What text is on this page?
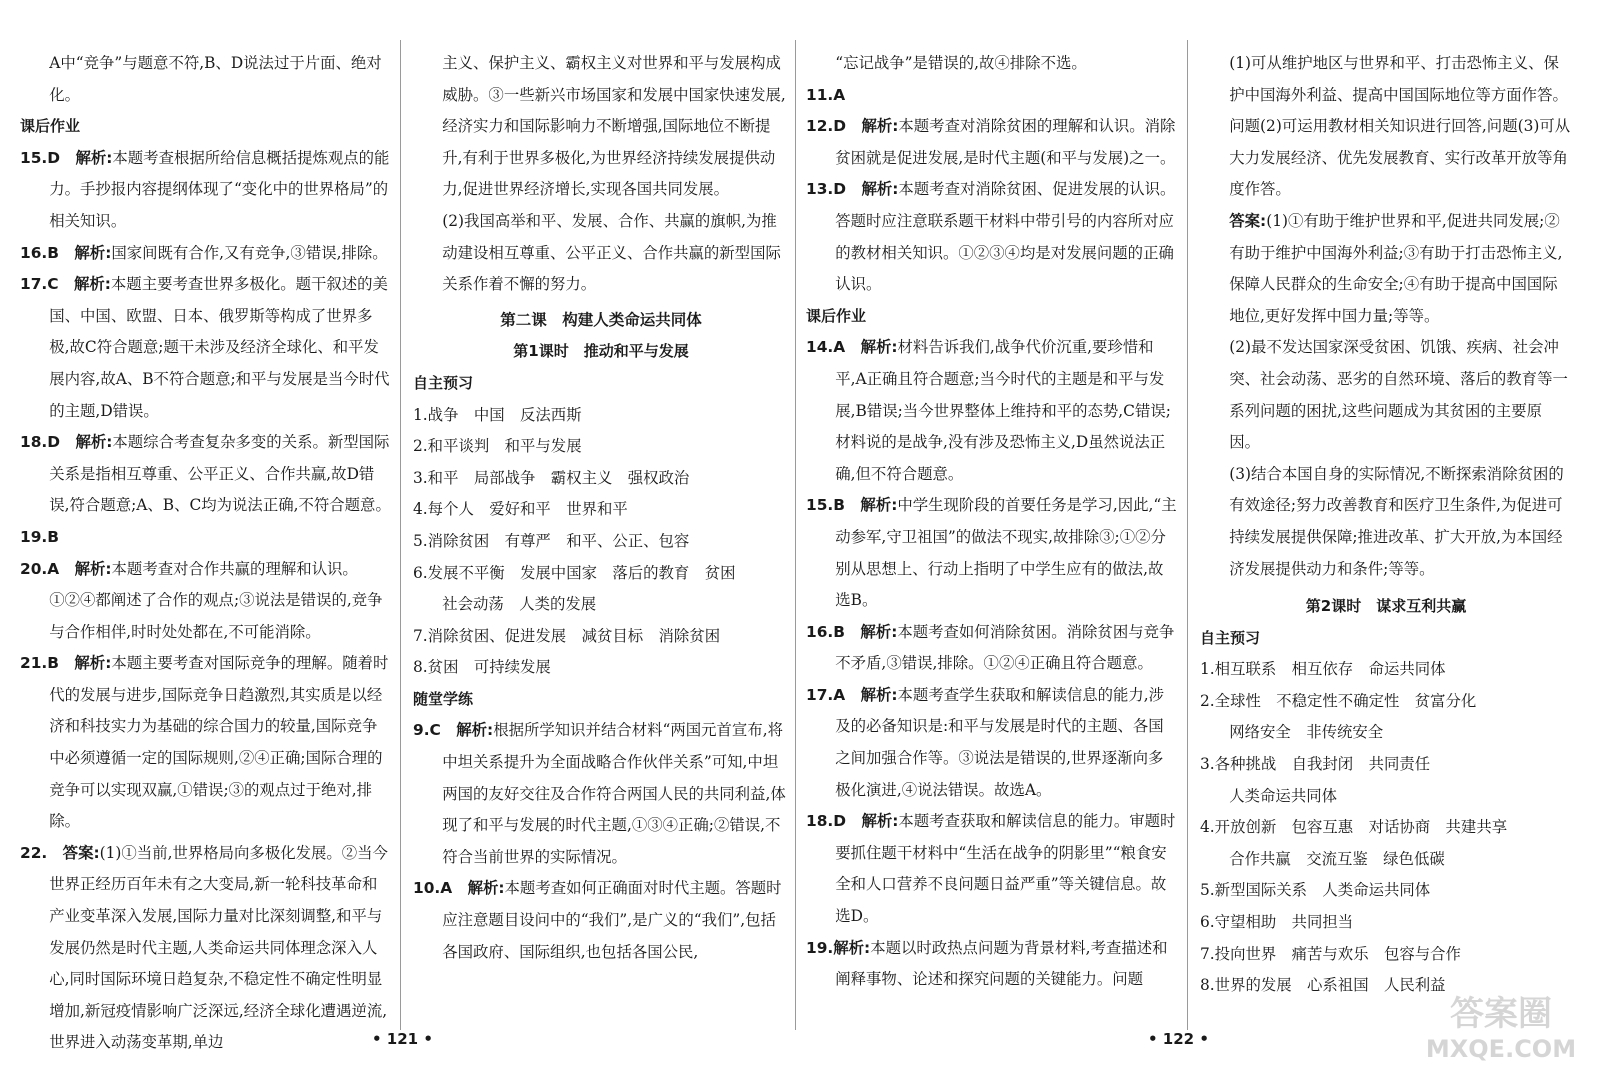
A中“竞争”与题意不符,B、D说法过于片面、绝对化。
课后作业
15.D　 解析:本题考查根据所给信息概括提炼观点的能力。手抄报内容提纲体现了“变化中的世界格局”的相关知识。
16.B　 解析:国家间既有合作,又有竞争,③错误,排除。
17.C　 解析:本题主要考查世界多极化。题干叙述的美国、中国、欧盟、日本、俄罗斯等构成了世界多极,故C符合题意;题干未涉及经济全球化、和平发展内容,故A、B不符合题意;和平与发展是当今时代的主题,D错误。
18.D　 解析:本题综合考查复杂多变的关系。新型国际关系是指相互尊重、公平正义、合作共赢,故D错误,符合题意;A、B、C均为说法正确,不符合题意。
19.B
20.A　 解析:本题考查对合作共赢的理解和认识。①②④都阐述了合作的观点;③说法是错误的,竞争与合作相伴,时时处处都在,不可能消除。
21.B　 解析:本题主要考查对国际竞争的理解。随着时代的发展与进步,国际竞争日趋激烈,其实质是以经济和科技实力为基础的综合国力的较量,国际竞争中必须遵循一定的国际规则,②④正确;国际合理的竞争可以实现双赢,①错误;③的观点过于绝对,排除。
22.　 答案:(1)①当前,世界格局向多极化发展。②当今世界正经历百年未有之大变局,新一轮科技革命和产业变革深入发展,国际力量对比深刻调整,和平与发展仍然是时代主题,人类命运共同体理念深入人心,同时国际环境日趋复杂,不稳定性不确定性明显增加,新冠疫情影响广泛深远,经济全球化遭遇逆流,世界进入动荡变革期,单边
主义、保护主义、霸权主义对世界和平与发展构成威胁。③一些新兴市场国家和发展中国家快速发展,经济实力和国际影响力不断增强,国际地位不断提升,有利于世界多极化,为世界经济持续发展提供动力,促进世界经济增长,实现各国共同发展。
(2)我国高举和平、发展、合作、共赢的旗帜,为推动建设相互尊重、公平正义、合作共赢的新型国际关系作着不懈的努力。
第二课　构建人类命运共同体
第1课时　推动和平与发展
自主预习
1.战争　中国　反法西斯
2.和平谈判　和平与发展
3.和平　局部战争　霸权主义　强权政治
4.每个人　爱好和平　世界和平
5.消除贫困　有尊严　和平、公正、包容
6.发展不平衡　发展中国家　落后的教育　贫困
社会动荡　人类的发展
7.消除贫困、促进发展　减贫目标　消除贫困
8.贫困　可持续发展
随堂学练
9.C　 解析:根据所学知识并结合材料“两国元首宣布,将中坦关系提升为全面战略合作伙伴关系”可知,中坦两国的友好交往及合作符合两国人民的共同利益,体现了和平与发展的时代主题,①③④正确;②错误,不符合当前世界的实际情况。
10.A　 解析:本题考查如何正确面对时代主题。答题时应注意题目设问中的“我们”,是广义的“我们”,包括各国政府、国际组织,也包括各国公民,
“忘记战争”是错误的,故④排除不选。
11.A
12.D　 解析:本题考查对消除贫困的理解和认识。消除贫困就是促进发展,是时代主题(和平与发展)之一。
13.D　 解析:本题考查对消除贫困、促进发展的认识。答题时应注意联系题干材料中带引号的内容所对应的教材相关知识。①②③④均是对发展问题的正确认识。
课后作业
14.A　 解析:材料告诉我们,战争代价沉重,要珍惜和平,A正确且符合题意;当今时代的主题是和平与发展,B错误;当今世界整体上维持和平的态势,C错误;材料说的是战争,没有涉及恐怖主义,D虽然说法正确,但不符合题意。
15.B　 解析:中学生现阶段的首要任务是学习,因此,“主动参军,守卫祖国”的做法不现实,故排除③;①②分别从思想上、行动上指明了中学生应有的做法,故选B。
16.B　 解析:本题考查如何消除贫困。消除贫困与竞争不矛盾,③错误,排除。①②④正确且符合题意。
17.A　 解析:本题考查学生获取和解读信息的能力,涉及的必备知识是:和平与发展是时代的主题、各国之间加强合作等。③说法是错误的,世界逐渐向多极化演进,④说法错误。故选A。
18.D　 解析:本题考查获取和解读信息的能力。审题时要抓住题干材料中“生活在战争的阴影里”“粮食安全和人口营养不良问题日益严重”等关键信息。故选D。
19.解析:本题以时政热点问题为背景材料,考查描述和阐释事物、论述和探究问题的关键能力。问题
(1)可从维护地区与世界和平、打击恐怖主义、保护中国海外利益、提高中国国际地位等方面作答。问题(2)可运用教材相关知识进行回答,问题(3)可从大力发展经济、优先发展教育、实行改革开放等角度作答。
答案:(1)①有助于维护世界和平,促进共同发展;②有助于维护中国海外利益;③有助于打击恐怖主义,保障人民群众的生命安全;④有助于提高中国国际地位,更好发挥中国力量;等等。
(2)最不发达国家深受贫困、饥饿、疾病、社会冲突、社会动荡、恶劣的自然环境、落后的教育等一系列问题的困扰,这些问题成为其贫困的主要原因。
(3)结合本国自身的实际情况,不断探索消除贫困的有效途径;努力改善教育和医疗卫生条件,为促进可持续发展提供保障;推进改革、扩大开放,为本国经济发展提供动力和条件;等等。
第2课时　谋求互利共赢
自主预习
1.相互联系　相互依存　命运共同体
2.全球性　不稳定性不确定性　贫富分化
网络安全　非传统安全
3.各种挑战　自我封闭　共同责任
人类命运共同体
4.开放创新　包容互惠　对话协商　共建共享
合作共赢　交流互鉴　绿色低碳
5.新型国际关系　人类命运共同体
6.守望相助　共同担当
7.投向世界　痛苦与欢乐　包容与合作
8.世界的发展　心系祖国　人民利益
• 121 •	• 122 •
答案圈
MXQE.COM
